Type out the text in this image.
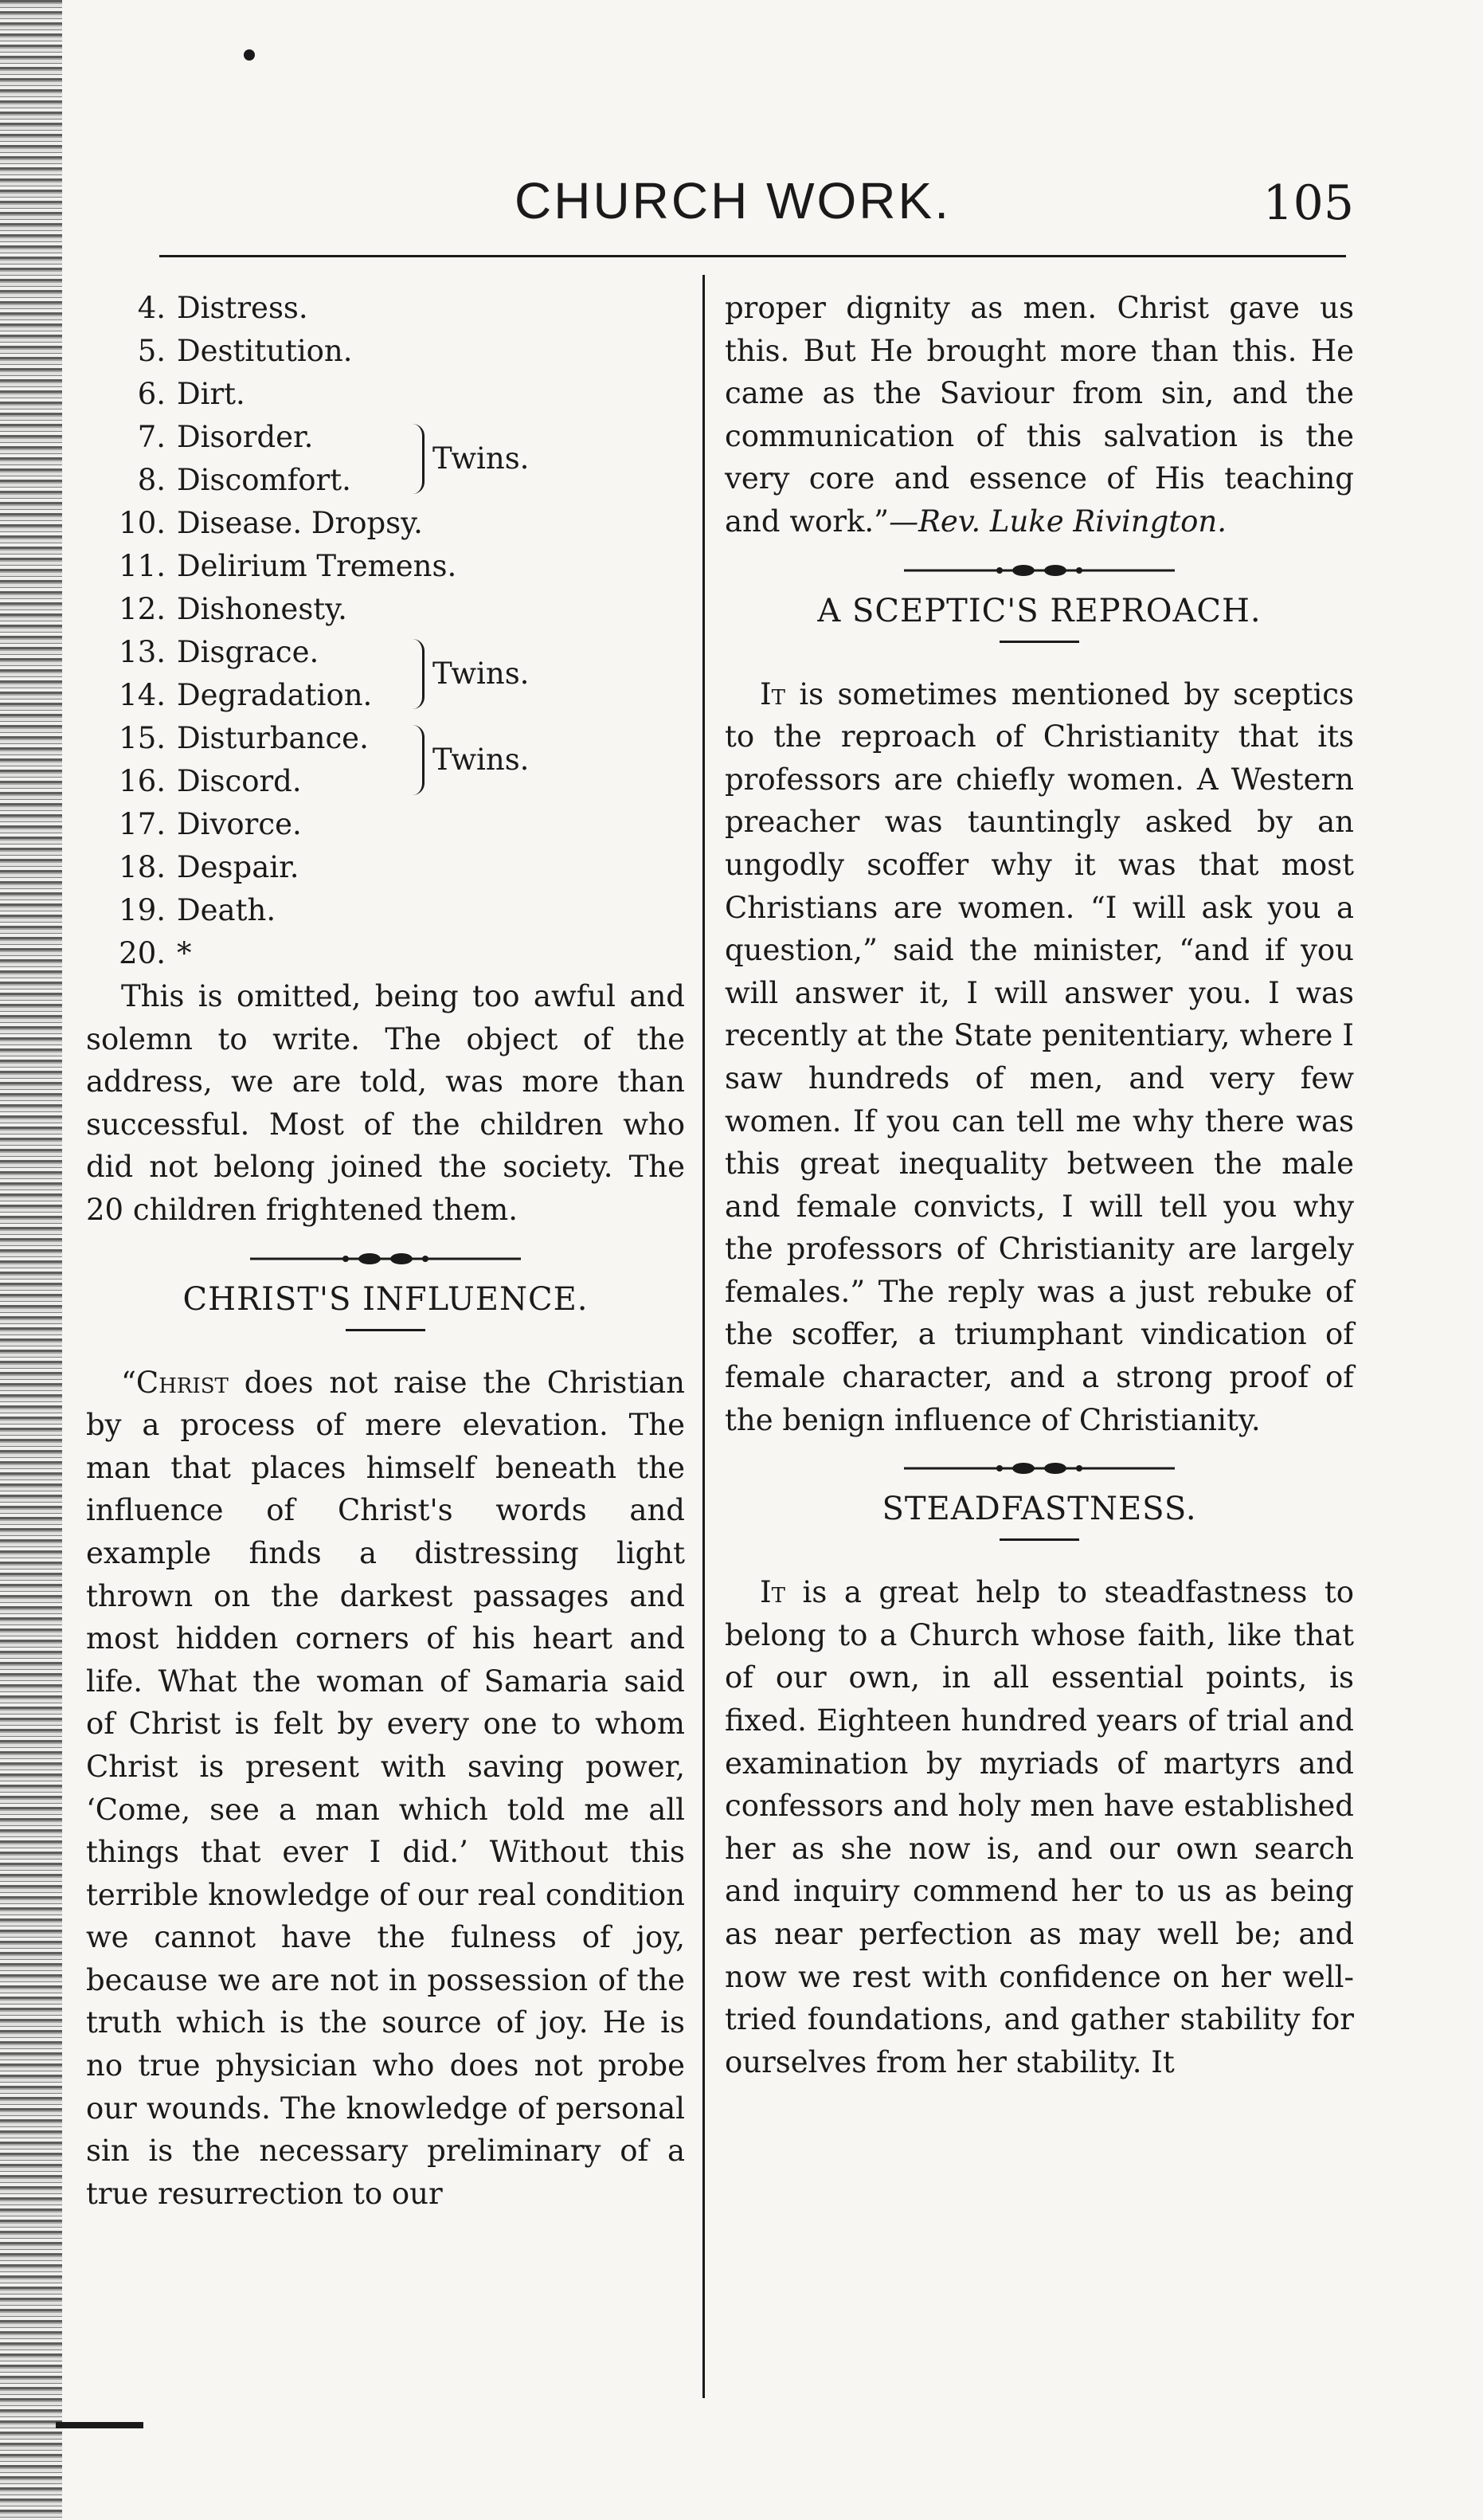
CHURCH WORK.	105
4. Distress.
5. Destitution.
6. Dirt.
7. Disorder.
Twins.
8. Discomfort.
10. Disease. Dropsy.
11. Delirium Tremens.
12. Dishonesty.
13. Disgrace.
Twins.
14. Degradation.
15. Disturbance.
Twins.
16. Discord.
17. Divorce.
18. Despair.
19. Death.
20. *

This is omitted, being too awful and solemn to write. The object of the address, we are told, was more than successful. Most of the children who did not belong joined the society. The 20 children frightened them.

CHRIST'S INFLUENCE.

“Christ does not raise the Christian by a process of mere elevation. The man that places himself beneath the influence of Christ's words and example finds a distressing light thrown on the darkest passages and most hidden corners of his heart and life. What the woman of Samaria said of Christ is felt by every one to whom Christ is present with saving power, ‘Come, see a man which told me all things that ever I did.’ Without this terrible knowledge of our real condition we cannot have the fulness of joy, because we are not in possession of the truth which is the source of joy. He is no true physician who does not probe our wounds. The knowledge of personal sin is the necessary preliminary of a true resurrection to our

proper dignity as men. Christ gave us this. But He brought more than this. He came as the Saviour from sin, and the communication of this salvation is the very core and essence of His teaching and work.”—Rev. Luke Rivington.

A SCEPTIC'S REPROACH.

It is sometimes mentioned by sceptics to the reproach of Christianity that its professors are chiefly women. A Western preacher was tauntingly asked by an ungodly scoffer why it was that most Christians are women. “I will ask you a question,” said the minister, “and if you will answer it, I will answer you. I was recently at the State penitentiary, where I saw hundreds of men, and very few women. If you can tell me why there was this great inequality between the male and female convicts, I will tell you why the professors of Christianity are largely females.” The reply was a just rebuke of the scoffer, a triumphant vindication of female character, and a strong proof of the benign influence of Christianity.

STEADFASTNESS.

It is a great help to steadfastness to belong to a Church whose faith, like that of our own, in all essential points, is fixed. Eighteen hundred years of trial and examination by myriads of martyrs and confessors and holy men have established her as she now is, and our own search and inquiry commend her to us as being as near perfection as may well be; and now we rest with confidence on her well-tried foundations, and gather stability for ourselves from her stability. It
